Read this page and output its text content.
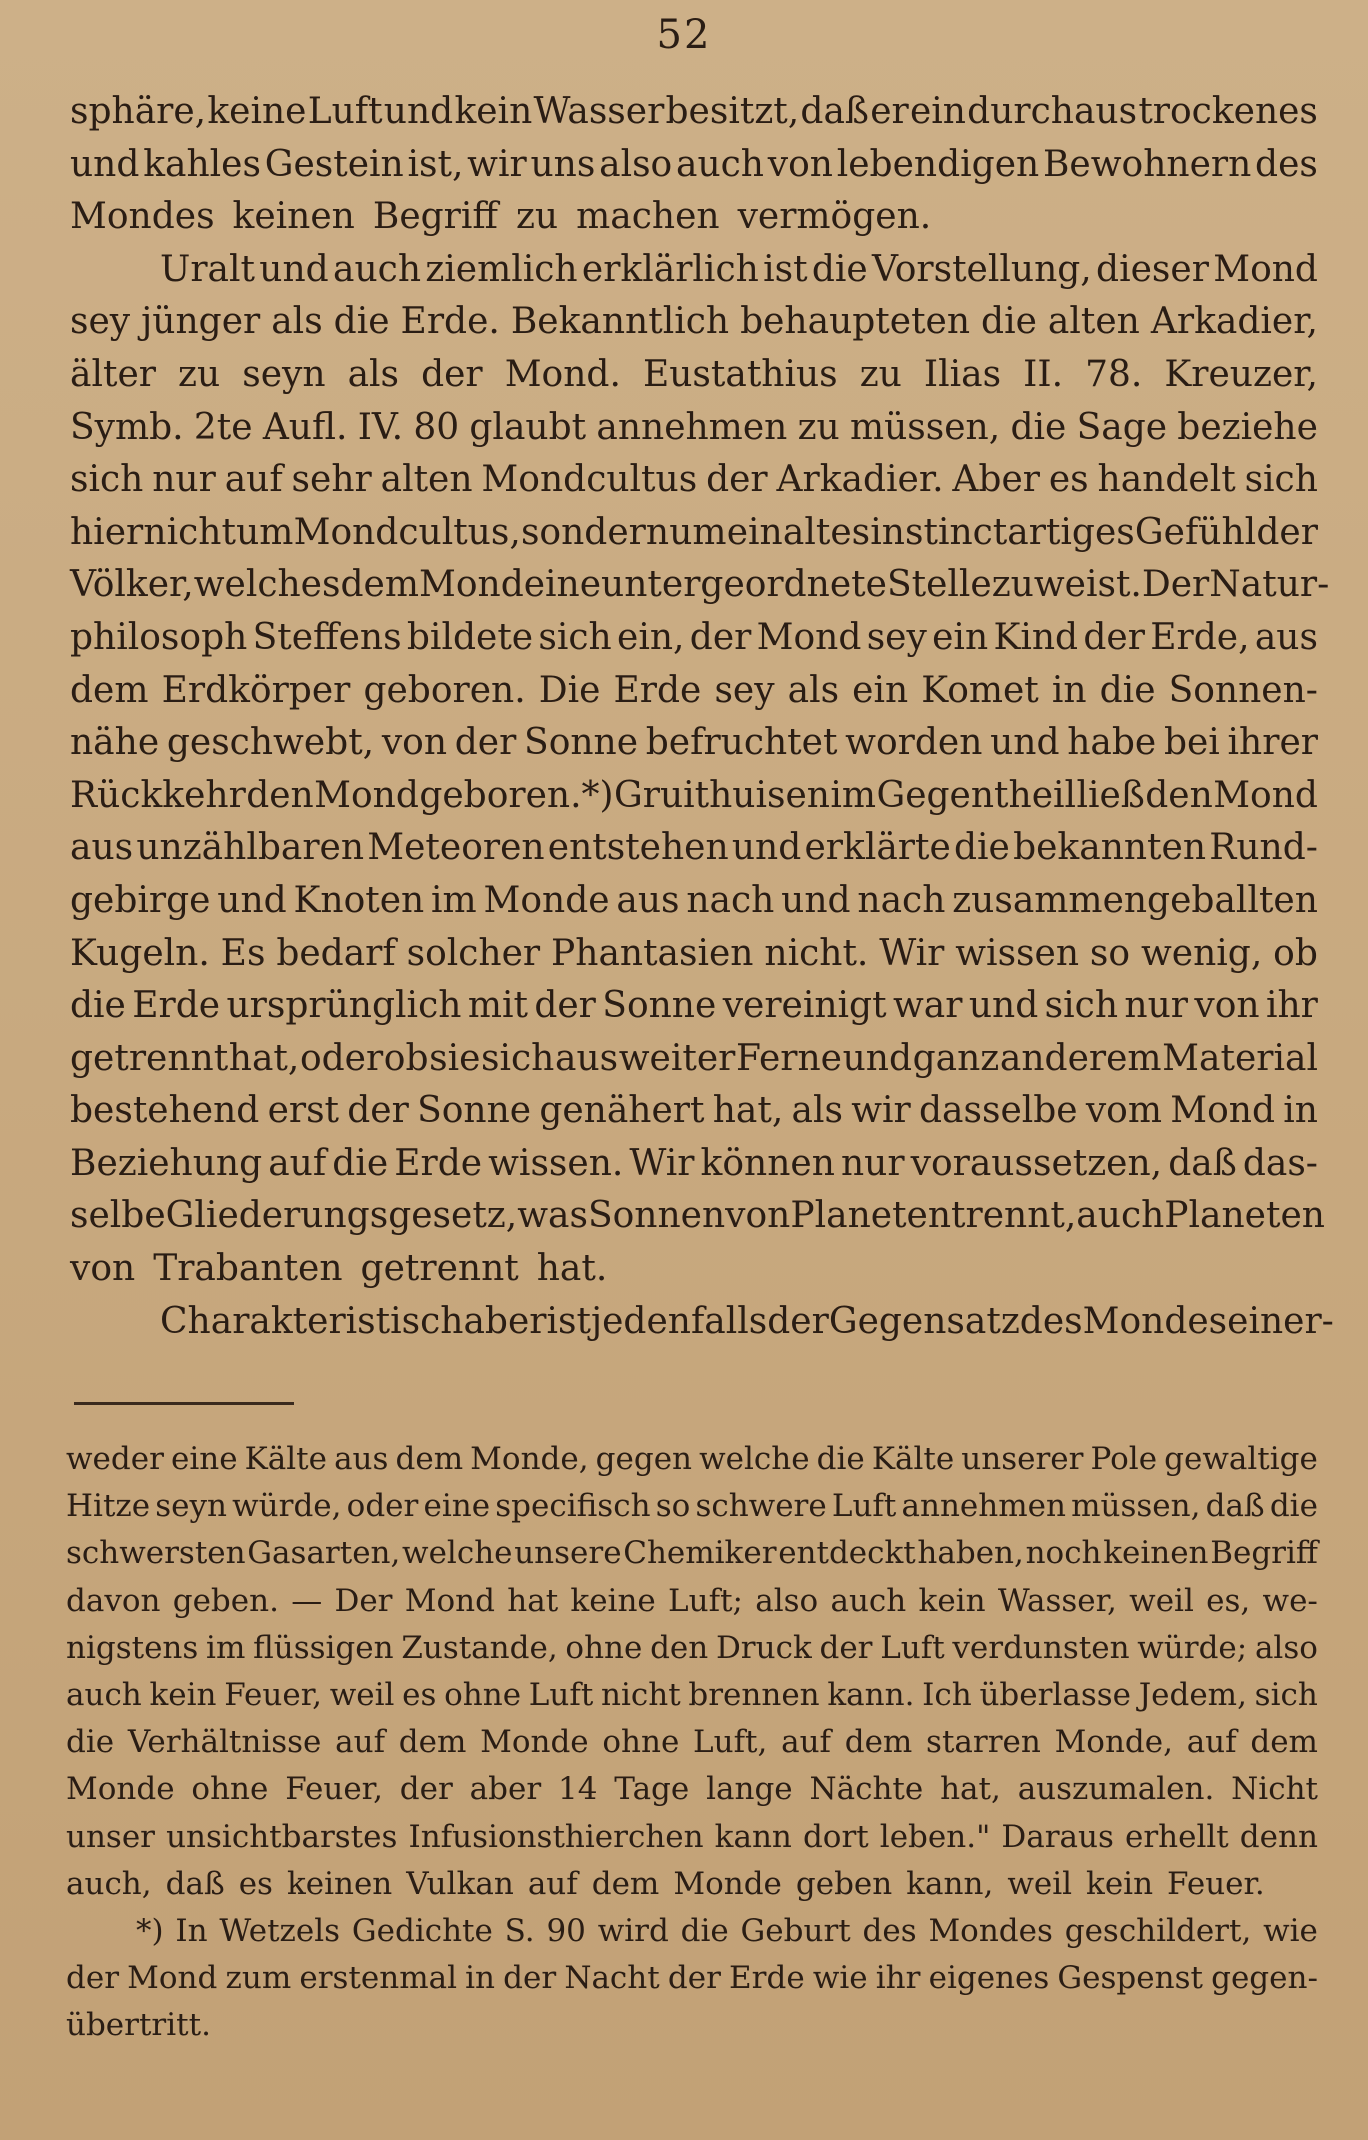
52
sphäre, keine Luft und kein Wasser besitzt, daß er ein durchaus trockenes
und kahles Gestein ist, wir uns also auch von lebendigen Bewohnern des
Mondes keinen Begriff zu machen vermögen.
Uralt und auch ziemlich erklärlich ist die Vorstellung, dieser Mond
sey jünger als die Erde. Bekanntlich behaupteten die alten Arkadier,
älter zu seyn als der Mond. Eustathius zu Ilias II. 78. Kreuzer,
Symb. 2te Aufl. IV. 80 glaubt annehmen zu müssen, die Sage beziehe
sich nur auf sehr alten Mondcultus der Arkadier. Aber es handelt sich
hier nicht um Mondcultus, sondern um ein altes instinctartiges Gefühl der
Völker, welches dem Mond eine untergeordnete Stelle zuweist. Der Natur-
philosoph Steffens bildete sich ein, der Mond sey ein Kind der Erde, aus
dem Erdkörper geboren. Die Erde sey als ein Komet in die Sonnen-
nähe geschwebt, von der Sonne befruchtet worden und habe bei ihrer
Rückkehr den Mond geboren.*) Gruithuisen im Gegentheil ließ den Mond
aus unzählbaren Meteoren entstehen und erklärte die bekannten Rund-
gebirge und Knoten im Monde aus nach und nach zusammengeballten
Kugeln. Es bedarf solcher Phantasien nicht. Wir wissen so wenig, ob
die Erde ursprünglich mit der Sonne vereinigt war und sich nur von ihr
getrennt hat, oder ob sie sich aus weiter Ferne und ganz anderem Material
bestehend erst der Sonne genähert hat, als wir dasselbe vom Mond in
Beziehung auf die Erde wissen. Wir können nur voraussetzen, daß das-
selbe Gliederungsgesetz, was Sonnen von Planeten trennt, auch Planeten
von Trabanten getrennt hat.
Charakteristisch aber ist jedenfalls der Gegensatz des Mondes einer-
weder eine Kälte aus dem Monde, gegen welche die Kälte unserer Pole gewaltige
Hitze seyn würde, oder eine specifisch so schwere Luft annehmen müssen, daß die
schwersten Gasarten, welche unsere Chemiker entdeckt haben, noch keinen Begriff
davon geben. — Der Mond hat keine Luft; also auch kein Wasser, weil es, we-
nigstens im flüssigen Zustande, ohne den Druck der Luft verdunsten würde; also
auch kein Feuer, weil es ohne Luft nicht brennen kann. Ich überlasse Jedem, sich
die Verhältnisse auf dem Monde ohne Luft, auf dem starren Monde, auf dem
Monde ohne Feuer, der aber 14 Tage lange Nächte hat, auszumalen. Nicht
unser unsichtbarstes Infusionsthierchen kann dort leben." Daraus erhellt denn
auch, daß es keinen Vulkan auf dem Monde geben kann, weil kein Feuer.
*) In Wetzels Gedichte S. 90 wird die Geburt des Mondes geschildert, wie
der Mond zum erstenmal in der Nacht der Erde wie ihr eigenes Gespenst gegen-
übertritt.
